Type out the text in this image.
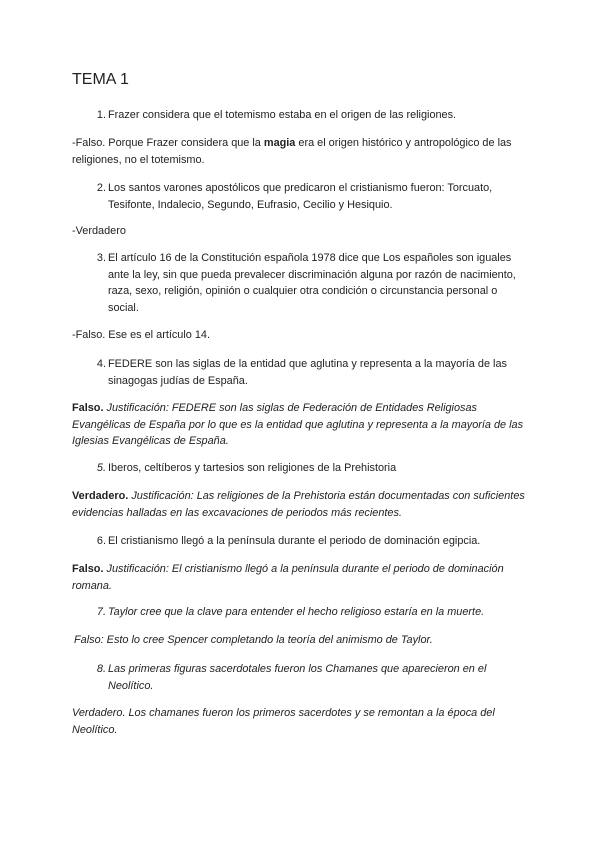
TEMA 1
1. Frazer considera que el totemismo estaba en el origen de las religiones.

-Falso. Porque Frazer considera que la magia era el origen histórico y antropológico de las religiones, no el totemismo.

2. Los santos varones apostólicos que predicaron el cristianismo fueron: Torcuato, Tesifonte, Indalecio, Segundo, Eufrasio, Cecilio y Hesiquio.

-Verdadero

3. El artículo 16 de la Constitución española 1978 dice que Los españoles son iguales ante la ley, sin que pueda prevalecer discriminación alguna por razón de nacimiento, raza, sexo, religión, opinión o cualquier otra condición o circunstancia personal o social.

-Falso. Ese es el artículo 14.

4. FEDERE son las siglas de la entidad que aglutina y representa a la mayoría de las sinagogas judías de España.

Falso. Justificación: FEDERE son las siglas de Federación de Entidades Religiosas Evangélicas de España por lo que es la entidad que aglutina y representa a la mayoría de las Iglesias Evangélicas de España.

5. Iberos, celtíberos y tartesios son religiones de la Prehistoria

Verdadero. Justificación: Las religiones de la Prehistoria están documentadas con suficientes evidencias halladas en las excavaciones de periodos más recientes.

6. El cristianismo llegó a la península durante el periodo de dominación egipcia.

Falso. Justificación: El cristianismo llegó a la península durante el periodo de dominación romana.

7. Taylor cree que la clave para entender el hecho religioso estaría en la muerte.

Falso: Esto lo cree Spencer completando la teoría del animismo de Taylor.

8. Las primeras figuras sacerdotales fueron los Chamanes que aparecieron en el Neolítico.

Verdadero. Los chamanes fueron los primeros sacerdotes y se remontan a la época del Neolítico.
